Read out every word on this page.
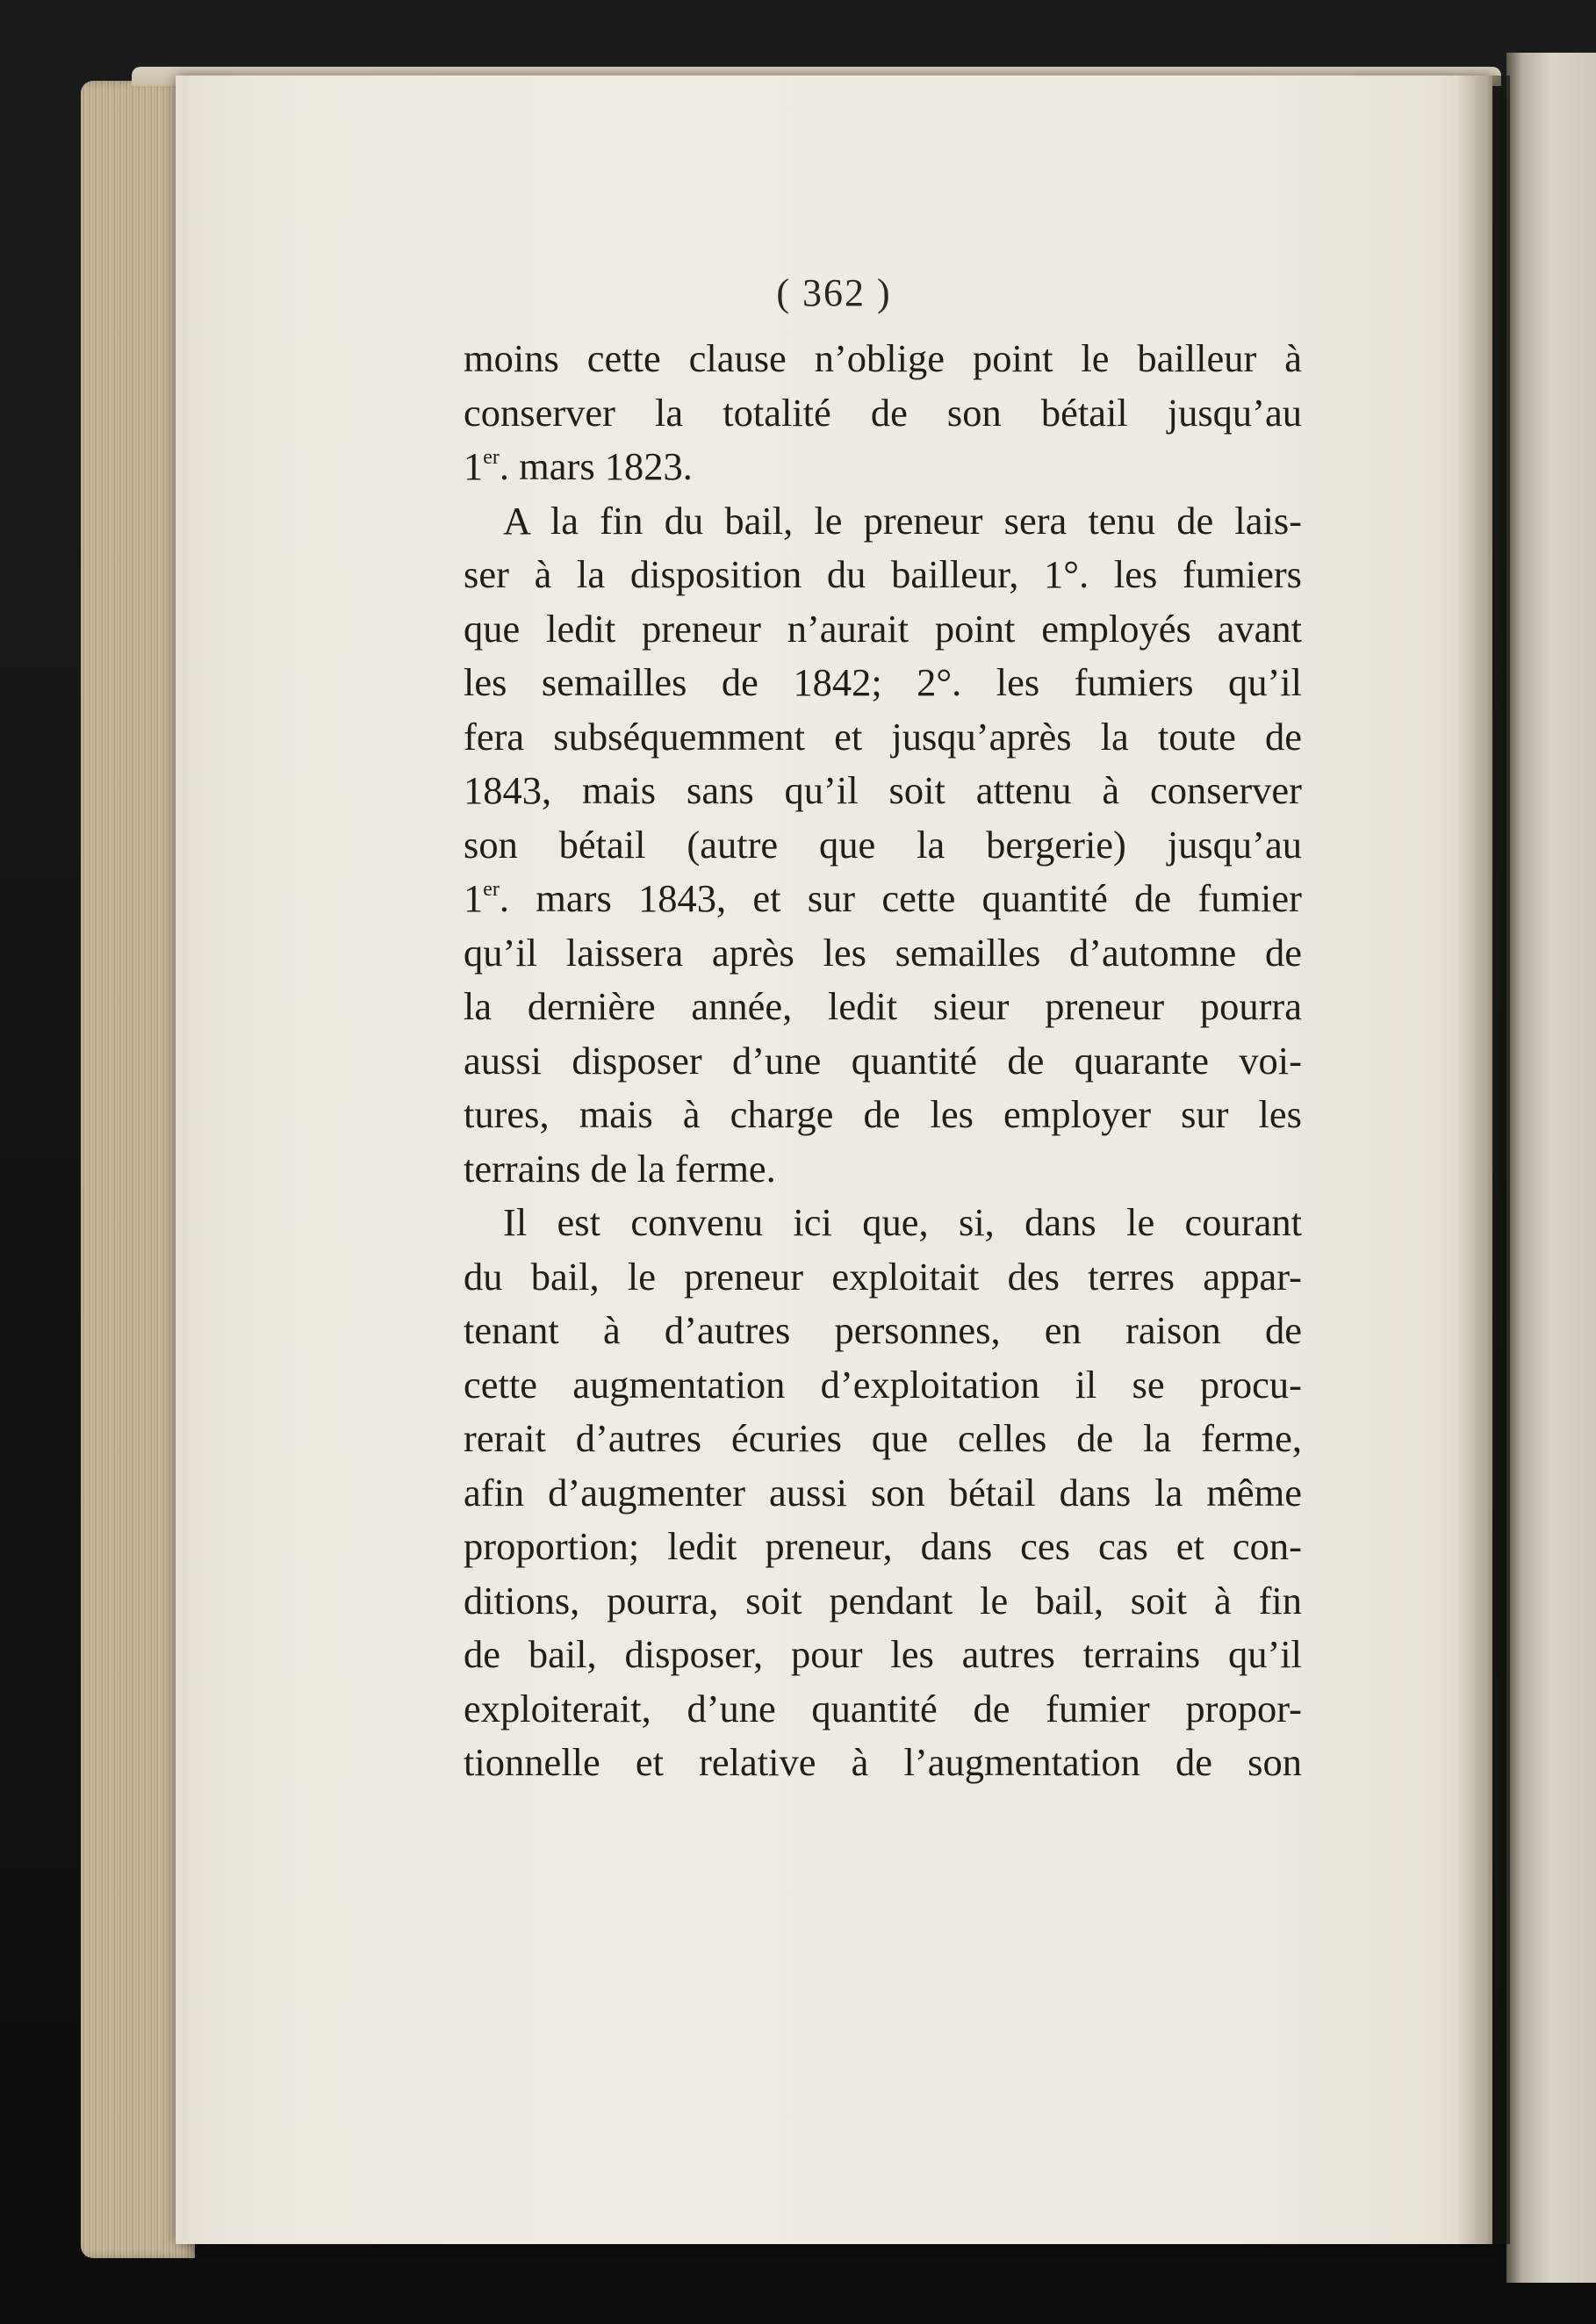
( 362 )
moins cette clause n’oblige point le bailleur à
conserver la totalité de son bétail jusqu’au
1er. mars 1823.
A la fin du bail, le preneur sera tenu de lais-
ser à la disposition du bailleur, 1°. les fumiers
que ledit preneur n’aurait point employés avant
les semailles de 1842; 2°. les fumiers qu’il
fera subséquemment et jusqu’après la toute de
1843, mais sans qu’il soit attenu à conserver
son bétail (autre que la bergerie) jusqu’au
1er. mars 1843, et sur cette quantité de fumier
qu’il laissera après les semailles d’automne de
la dernière année, ledit sieur preneur pourra
aussi disposer d’une quantité de quarante voi-
tures, mais à charge de les employer sur les
terrains de la ferme.
Il est convenu ici que, si, dans le courant
du bail, le preneur exploitait des terres appar-
tenant à d’autres personnes, en raison de
cette augmentation d’exploitation il se procu-
rerait d’autres écuries que celles de la ferme,
afin d’augmenter aussi son bétail dans la même
proportion; ledit preneur, dans ces cas et con-
ditions, pourra, soit pendant le bail, soit à fin
de bail, disposer, pour les autres terrains qu’il
exploiterait, d’une quantité de fumier propor-
tionnelle et relative à l’augmentation de son
